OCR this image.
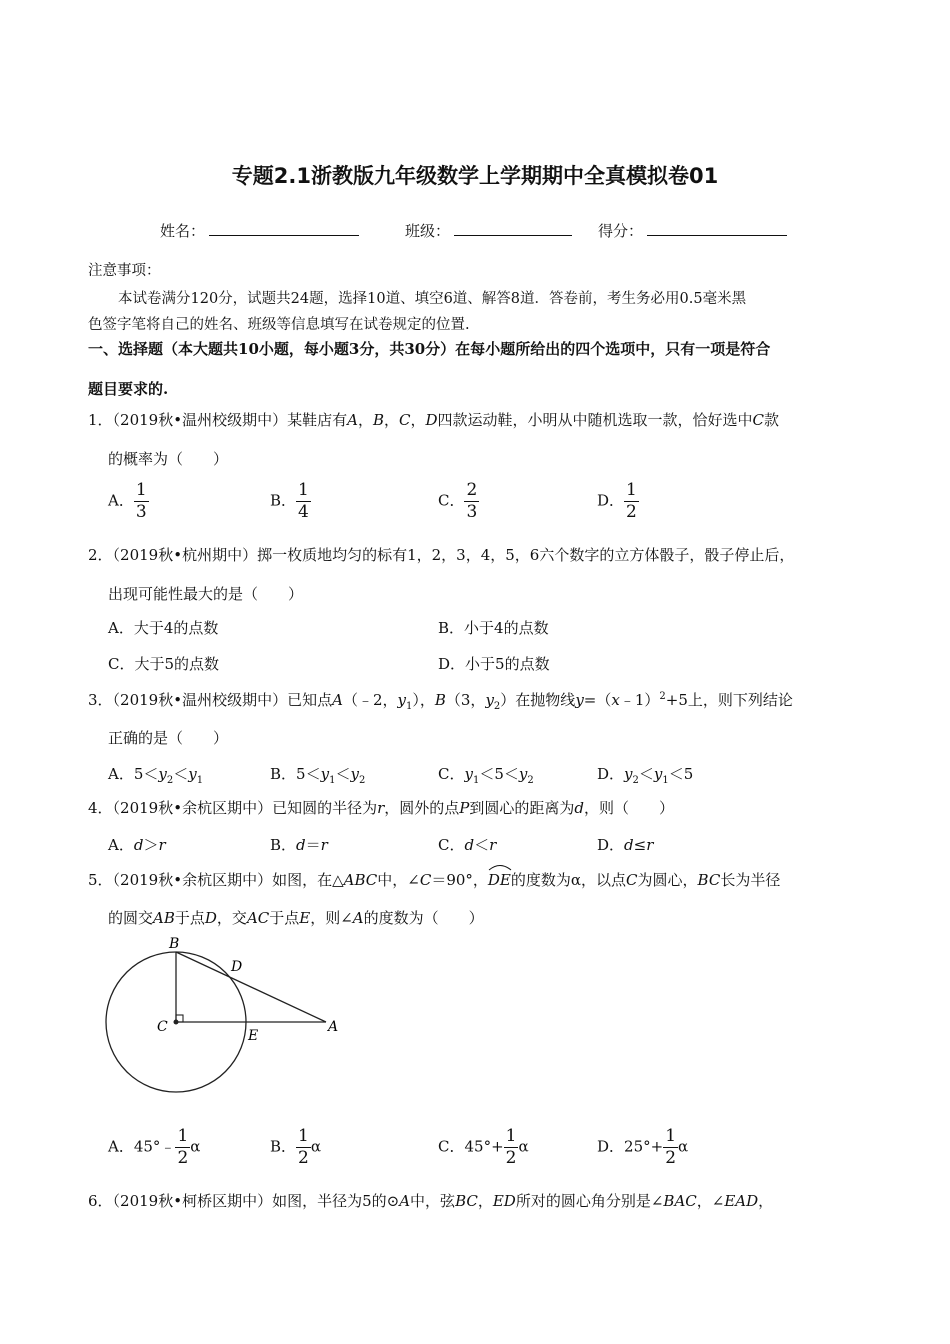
专题2.1浙教版九年级数学上学期期中全真模拟卷01
姓名：	班级：	得分：
注意事项：
本试卷满分120分，试题共24题，选择10道、填空6道、解答8道．答卷前，考生务必用0.5毫米黑
色签字笔将自己的姓名、班级等信息填写在试卷规定的位置.
一、选择题（本大题共10小题，每小题3分，共30分）在每小题所给出的四个选项中，只有一项是符合
题目要求的.
1．（2019秋•温州校级期中）某鞋店有A，B，C，D四款运动鞋，小明从中随机选取一款，恰好选中C款
的概率为（　　）
A． $\frac{1}{3}$	B． $\frac{1}{4}$	C． $\frac{2}{3}$	D． $\frac{1}{2}$
2．（2019秋•杭州期中）掷一枚质地均匀的标有1，2，3，4，5，6六个数字的立方体骰子，骰子停止后，
出现可能性最大的是（　　）
A．大于4的点数	B．小于4的点数
C．大于5的点数	D．小于5的点数
3．（2019秋•温州校级期中）已知点A（﹣2，$y_1$），B（3，$y_2$）在抛物线y=（x﹣1）$^2$+5上，则下列结论
正确的是（　　）
A．$5<y_2<y_1$	B．$5<y_1<y_2$	C．$y_1<5<y_2$	D．$y_2<y_1<5$
4．（2019秋•余杭区期中）已知圆的半径为r，圆外的点P到圆心的距离为d，则（　　）
A．d＞r	B．d＝r	C．d＜r	D．d≤r
5．（2019秋•余杭区期中）如图，在△ABC中，∠C＝90°，
DE的度数为α，以点C为圆心，BC长为半径
的圆交AB于点D，交AC于点E，则∠A的度数为（　　）
B
D
C
E
A
A．45°﹣ $\frac{1}{2}$ α	B． $\frac{1}{2}$ α	C．$45^\circ+ \frac{1}{2}$ α	D．$25^\circ+ \frac{1}{2}$ α
6．（2019秋•柯桥区期中）如图，半径为5的⊙A中，弦BC，ED所对的圆心角分别是∠BAC，∠EAD，
